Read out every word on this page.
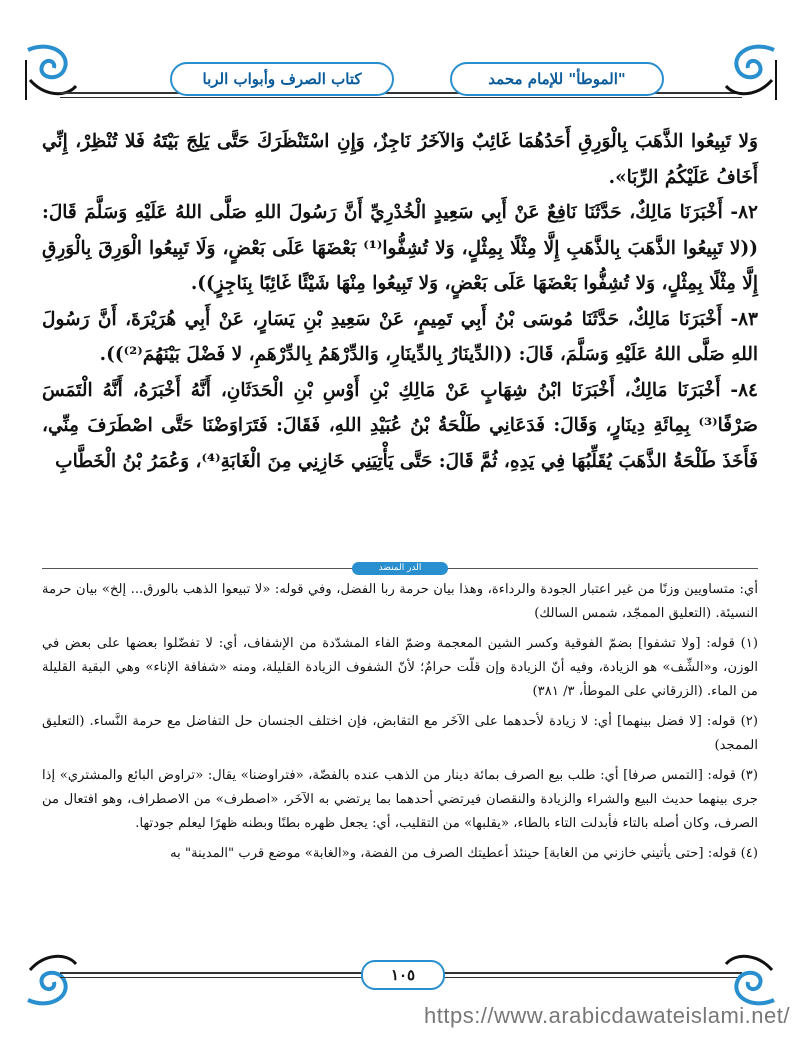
كتاب الصرف وأبواب الربا	"الموطأ" للإمام محمد

وَلا تَبِيعُوا الذَّهَبَ بِالْوَرِقِ أَحَدُهُمَا غَائِبٌ وَالآخَرُ نَاجِزٌ، وَإِنِ اسْتَنْظَرَكَ حَتَّى يَلِجَ بَيْتَهُ فَلا تُنْظِرْ، إِنِّي أَخَافُ عَلَيْكُمُ الرِّبَا».

٨٢- أَخْبَرَنَا مَالِكٌ، حَدَّثَنَا نَافِعٌ عَنْ أَبِي سَعِيدٍ الْخُدْرِيِّ أَنَّ رَسُولَ اللهِ صَلَّى اللهُ عَلَيْهِ وَسَلَّمَ قَالَ: ((لا تَبِيعُوا الذَّهَبَ بِالذَّهَبِ إِلَّا مِثْلًا بِمِثْلٍ، وَلا تُشِفُّوا⁽¹⁾ بَعْضَهَا عَلَى بَعْضٍ، وَلَا تَبِيعُوا الْوَرِقَ بِالْوَرِقِ إِلَّا مِثْلًا بِمِثْلٍ، وَلا تُشِفُّوا بَعْضَهَا عَلَى بَعْضٍ، وَلا تَبِيعُوا مِنْهَا شَيْئًا غَائِبًا بِنَاجِزٍ)).

٨٣- أَخْبَرَنَا مَالِكٌ، حَدَّثَنَا مُوسَى بْنُ أَبِي تَمِيمٍ، عَنْ سَعِيدِ بْنِ يَسَارٍ، عَنْ أَبِي هُرَيْرَةَ، أَنَّ رَسُولَ اللهِ صَلَّى اللهُ عَلَيْهِ وَسَلَّمَ، قَالَ: ((الدِّينَارُ بِالدِّينَارِ، وَالدِّرْهَمُ بِالدِّرْهَمِ، لا فَضْلَ بَيْنَهُمَ⁽²⁾)).

٨٤- أَخْبَرَنَا مَالِكٌ، أَخْبَرَنَا ابْنُ شِهَابٍ عَنْ مَالِكِ بْنِ أَوْسِ بْنِ الْحَدَثَانِ، أَنَّهُ أَخْبَرَهُ، أَنَّهُ الْتَمَسَ صَرْفًا⁽³⁾ بِمِائَةِ دِينَارٍ، وَقَالَ: فَدَعَانِي طَلْحَةُ بْنُ عُبَيْدِ اللهِ، فَقَالَ: فَتَرَاوَضْنَا حَتَّى اصْطَرَفَ مِنِّي، فَأَخَذَ طَلْحَةُ الذَّهَبَ يُقَلِّبُهَا فِي يَدِهِ، ثُمَّ قَالَ: حَتَّى يَأْتِيَنِي خَازِنِي مِنَ الْغَابَةِ⁽⁴⁾، وَعُمَرُ بْنُ الْخَطَّابِ

الدر المنضد

أي: متساويين وزنًا من غير اعتبار الجودة والرداءة، وهذا بيان حرمة ربا الفضل، وفي قوله: «لا تبيعوا الذهب بالورق... إلخ» بيان حرمة النسيئة. (التعليق الممجّد، شمس السالك)

(١) قوله: [ولا تشفوا] بضمّ الفوقية وكسر الشين المعجمة وضمّ الفاء المشدّدة من الإشفاف، أي: لا تفضّلوا بعضها على بعض في الوزن، و«الشِّف» هو الزيادة، وفيه أنّ الزيادة وإن قلّت حرامٌ؛ لأنّ الشفوف الزيادة القليلة، ومنه «شفافة الإناء» وهي البقية القليلة من الماء. (الزرقاني على الموطأ، ٣/ ٣٨١)

(٢) قوله: [لا فضل بينهما] أي: لا زيادة لأحدهما على الآخَر مع التقابض، فإن اختلف الجنسان حل التفاضل مع حرمة النَّساء. (التعليق الممجد)

(٣) قوله: [التمس صرفا] أي: طلب بيع الصرف بمائة دينار من الذهب عنده بالفضّة، «فتراوضنا» يقال: «تراوض البائع والمشتري» إذا جرى بينهما حديث البيع والشراء والزيادة والنقصان فيرتضي أحدهما بما يرتضي به الآخَر، «اصطرف» من الاصطراف، وهو افتعال من الصرف، وكان أصله بالتاء فأبدلت التاء بالطاء، «يقلبها» من التقليب، أي: يجعل ظهره بطنًا وبطنه ظهرًا ليعلم جودتها.

(٤) قوله: [حتى يأتيني خازني من الغابة] حينئذ أعطيتك الصرف من الفضة، و«الغابة» موضع قرب "المدينة" به

١٠٥
https://www.arabicdawateislami.net/
